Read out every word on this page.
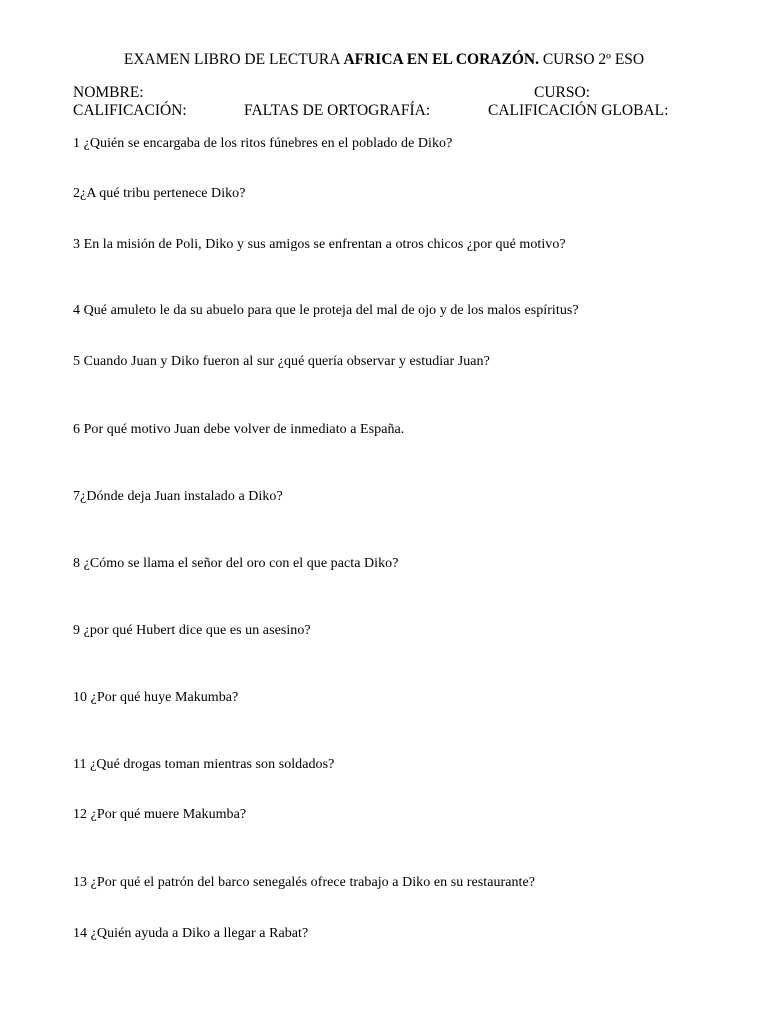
EXAMEN LIBRO DE LECTURA AFRICA EN EL CORAZÓN. CURSO 2º ESO
NOMBRE:	CURSO:
CALIFICACIÓN:	FALTAS DE ORTOGRAFÍA:	CALIFICACIÓN GLOBAL:
1 ¿Quién se encargaba de los ritos fúnebres en el poblado de Diko?
2¿A qué tribu pertenece Diko?
3 En la misión de Poli, Diko y sus amigos se enfrentan a otros chicos ¿por qué motivo?
4 Qué amuleto le da su abuelo para que le proteja del mal de ojo y de los malos espíritus?
5 Cuando Juan y Diko fueron al sur ¿qué quería observar y estudiar Juan?
6 Por qué motivo Juan debe volver de inmediato a España.
7¿Dónde deja Juan instalado a Diko?
8 ¿Cómo se llama el señor del oro con el que pacta Diko?
9 ¿por qué Hubert dice que es un asesino?
10 ¿Por qué huye Makumba?
11 ¿Qué drogas toman mientras son soldados?
12 ¿Por qué muere Makumba?
13 ¿Por qué el patrón del barco senegalés ofrece trabajo a Diko en su restaurante?
14 ¿Quién ayuda a Diko a llegar a Rabat?
